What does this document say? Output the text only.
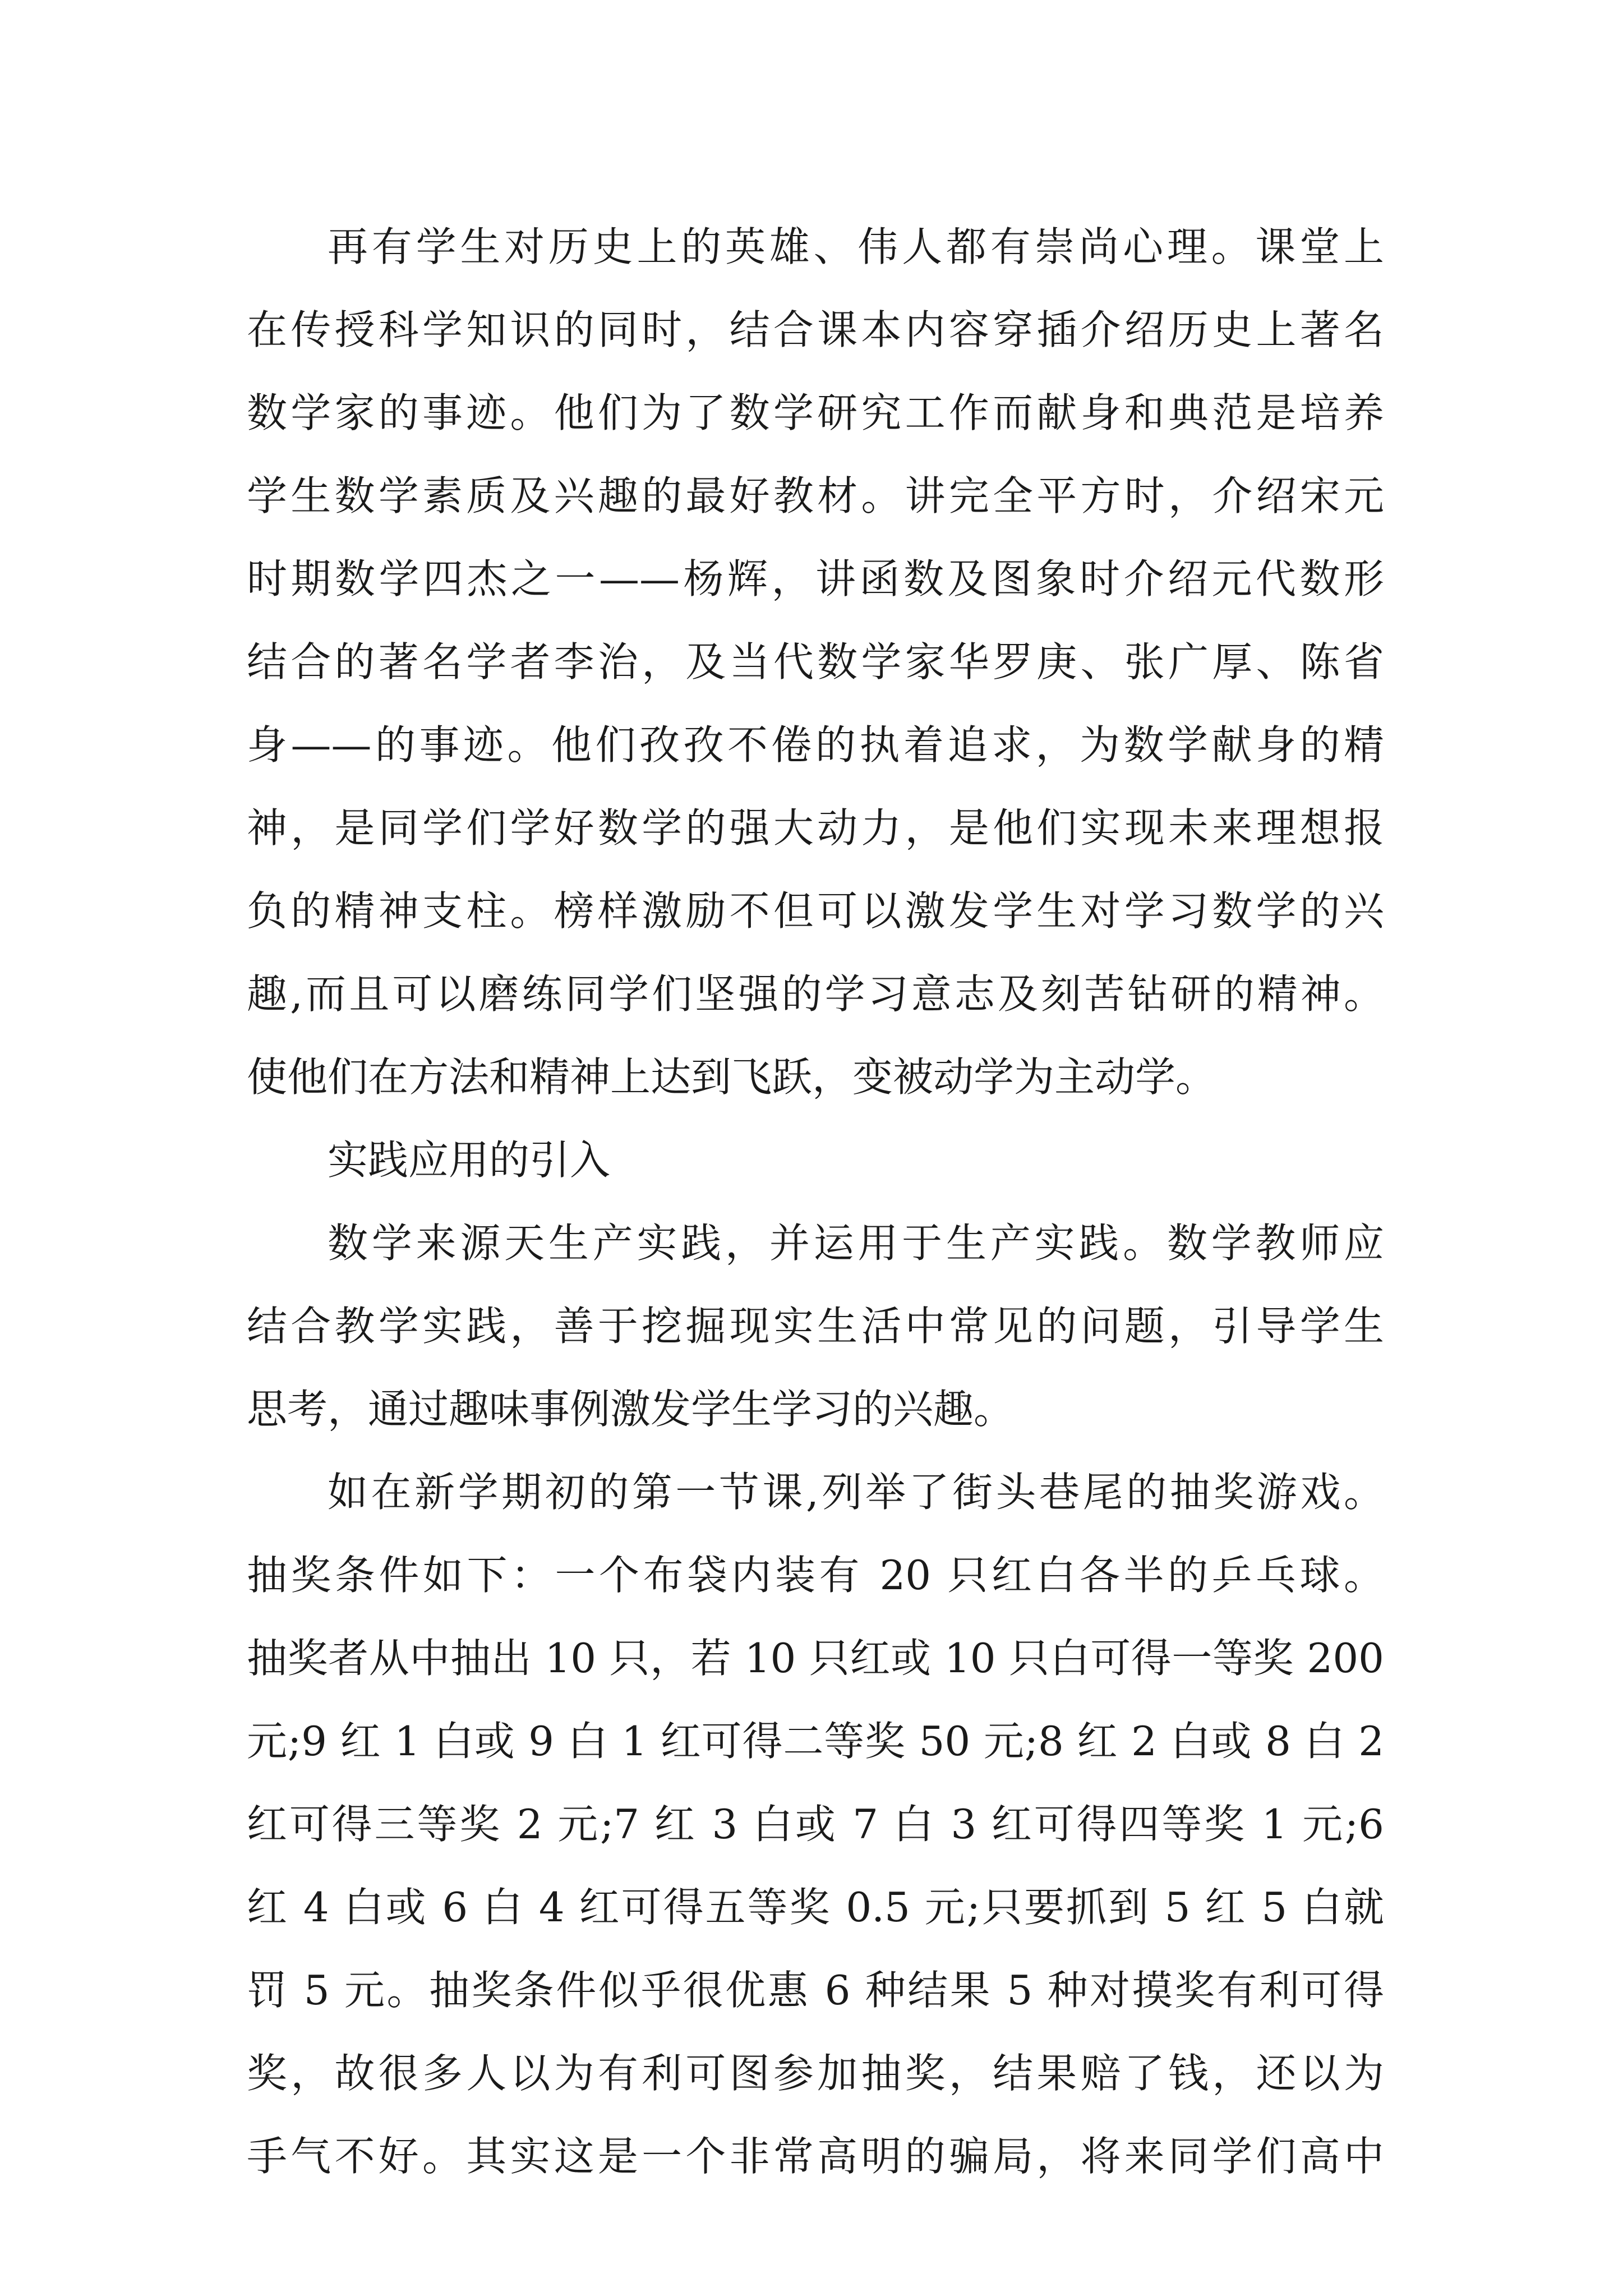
再有学生对历史上的英雄、伟人都有崇尚心理。课堂上
在传授科学知识的同时，结合课本内容穿插介绍历史上著名
数学家的事迹。他们为了数学研究工作而献身和典范是培养
学生数学素质及兴趣的最好教材。讲完全平方时，介绍宋元
时期数学四杰之一——杨辉，讲函数及图象时介绍元代数形
结合的著名学者李治，及当代数学家华罗庚、张广厚、陈省
身——的事迹。他们孜孜不倦的执着追求，为数学献身的精
神，是同学们学好数学的强大动力，是他们实现未来理想报
负的精神支柱。榜样激励不但可以激发学生对学习数学的兴
趣,而且可以磨练同学们坚强的学习意志及刻苦钻研的精神。
使他们在方法和精神上达到飞跃，变被动学为主动学。
实践应用的引入
数学来源天生产实践，并运用于生产实践。数学教师应
结合教学实践，善于挖掘现实生活中常见的问题，引导学生
思考，通过趣味事例激发学生学习的兴趣。
如在新学期初的第一节课,列举了街头巷尾的抽奖游戏。
抽奖条件如下：一个布袋内装有 20 只红白各半的乒乓球。
抽奖者从中抽出 10 只，若 10 只红或 10 只白可得一等奖 200
元;9 红 1 白或 9 白 1 红可得二等奖 50 元;8 红 2 白或 8 白 2
红可得三等奖 2 元;7 红 3 白或 7 白 3 红可得四等奖 1 元;6
红 4 白或 6 白 4 红可得五等奖 0.5 元;只要抓到 5 红 5 白就
罚 5 元。抽奖条件似乎很优惠 6 种结果 5 种对摸奖有利可得
奖，故很多人以为有利可图参加抽奖，结果赔了钱，还以为
手气不好。其实这是一个非常高明的骗局，将来同学们高中
